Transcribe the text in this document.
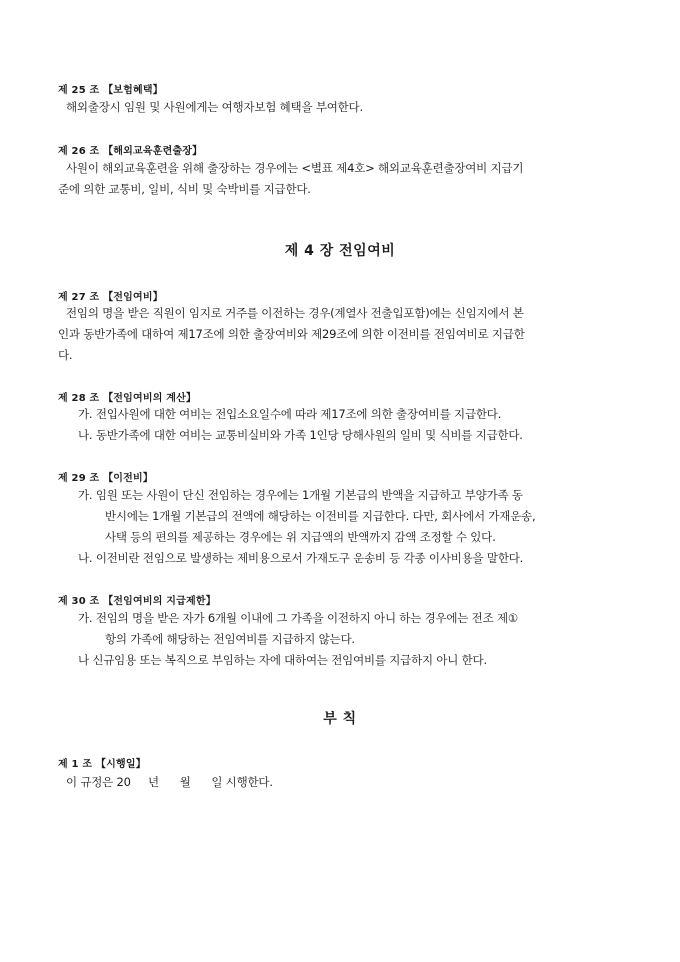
제 25 조 【보험혜택】
해외출장시 임원 및 사원에게는 여행자보험 혜택을 부여한다.
제 26 조 【해외교육훈련출장】
사원이 해외교육훈련을 위해 출장하는 경우에는 <별표 제4호> 해외교육훈련출장여비 지급기
준에 의한 교통비, 일비, 식비 및 숙박비를 지급한다.
제 4 장 전임여비
제 27 조 【전임여비】
전임의 명을 받은 직원이 임지로 거주를 이전하는 경우(계열사 전출입포함)에는 신임지에서 본
인과 동반가족에 대하여 제17조에 의한 출장여비와 제29조에 의한 이전비를 전임여비로 지급한
다.
제 28 조 【전임여비의 계산】
가. 전입사원에 대한 여비는 전입소요일수에 따라 제17조에 의한 출장여비를 지급한다.
나. 동반가족에 대한 여비는 교통비실비와 가족 1인당 당해사원의 일비 및 식비를 지급한다.
제 29 조 【이전비】
가. 임원 또는 사원이 단신 전임하는 경우에는 1개월 기본급의 반액을 지급하고 부양가족 동
반시에는 1개월 기본급의 전액에 해당하는 이전비를 지급한다. 다만, 회사에서 가재운송,
사택 등의 편의를 제공하는 경우에는 위 지급액의 반액까지 감액 조정할 수 있다.
나. 이전비란 전임으로 발생하는 제비용으로서 가재도구 운송비 등 각종 이사비용을 말한다.
제 30 조 【전임여비의 지급제한】
가. 전임의 명을 받은 자가 6개월 이내에 그 가족을 이전하지 아니 하는 경우에는 전조 제①
항의 가족에 해당하는 전임여비를 지급하지 않는다.
나 신규임용 또는 복직으로 부임하는 자에 대하여는 전임여비를 지급하지 아니 한다.
부 칙
제 1 조 【시행일】
이 규정은 20     년      월      일 시행한다.
